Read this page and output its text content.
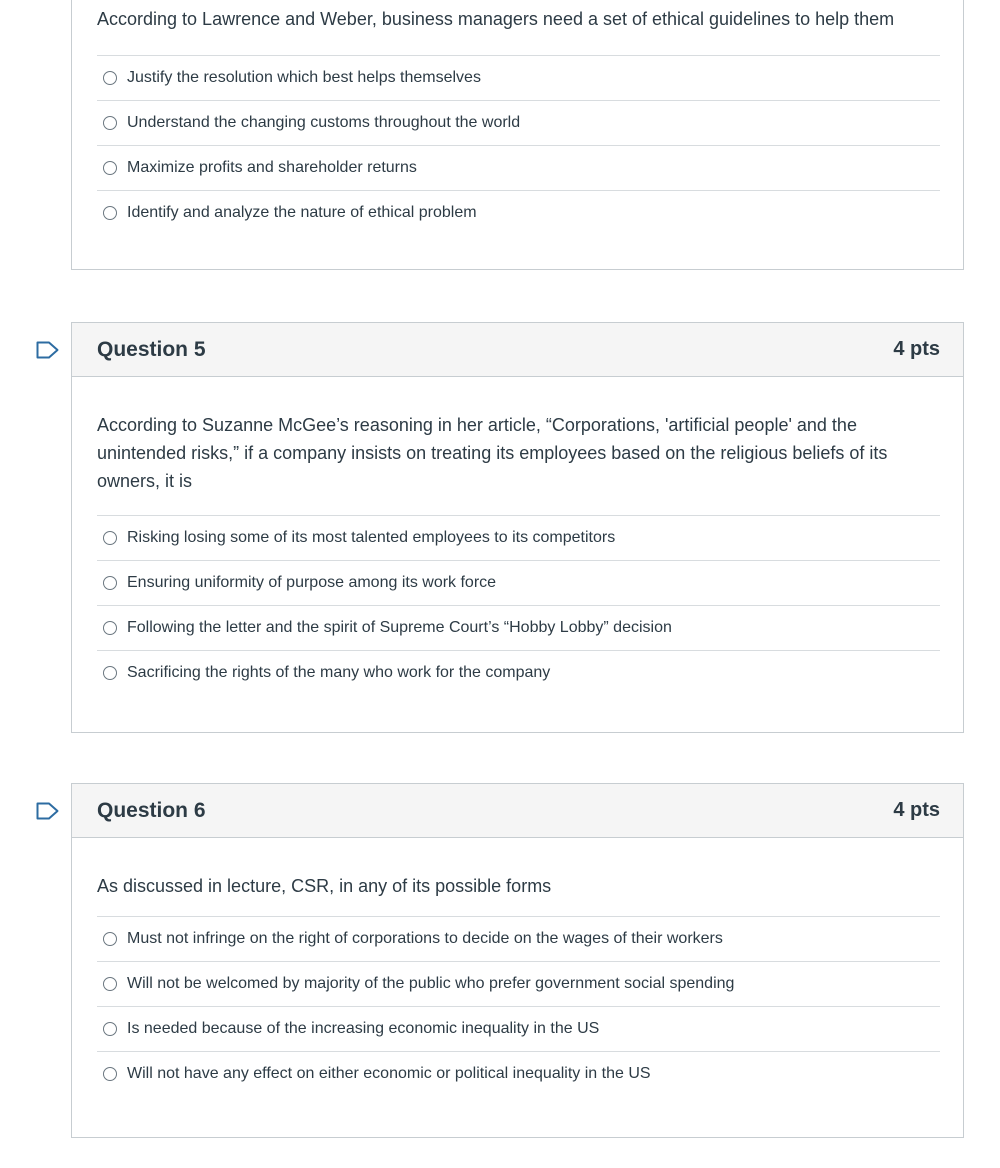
According to Lawrence and Weber, business managers need a set of ethical guidelines to help them

Justify the resolution which best helps themselves
Understand the changing customs throughout the world
Maximize profits and shareholder returns
Identify and analyze the nature of ethical problem
Question 5	4 pts

According to Suzanne McGee’s reasoning in her article, “Corporations, 'artificial people' and the

unintended risks,” if a company insists on treating its employees based on the religious beliefs of its

owners, it is

Risking losing some of its most talented employees to its competitors
Ensuring uniformity of purpose among its work force
Following the letter and the spirit of Supreme Court’s “Hobby Lobby” decision
Sacrificing the rights of the many who work for the company
Question 6	4 pts

As discussed in lecture, CSR, in any of its possible forms

Must not infringe on the right of corporations to decide on the wages of their workers
Will not be welcomed by majority of the public who prefer government social spending
Is needed because of the increasing economic inequality in the US
Will not have any effect on either economic or political inequality in the US
